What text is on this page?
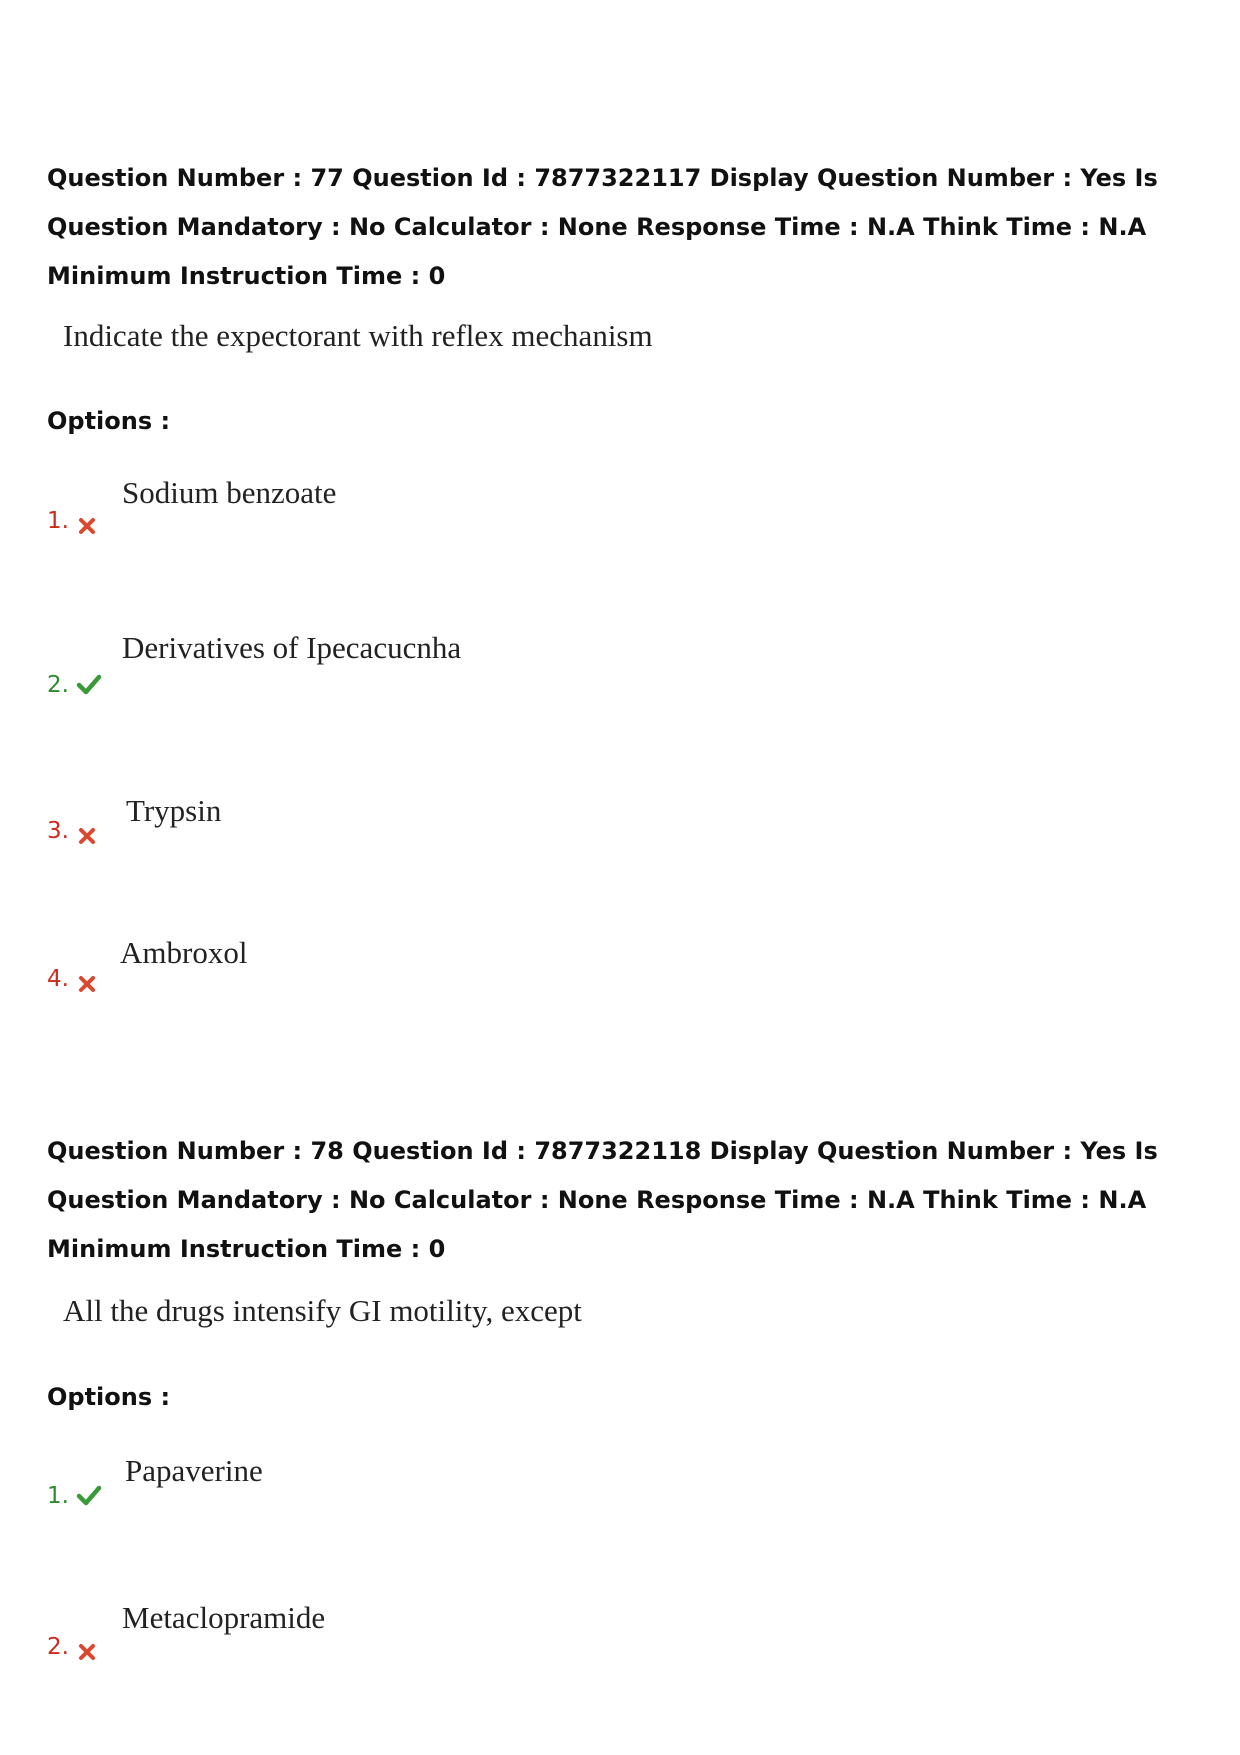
Question Number : 77 Question Id : 7877322117 Display Question Number : Yes Is Question Mandatory : No Calculator : None Response Time : N.A Think Time : N.A Minimum Instruction Time : 0

Indicate the expectorant with reflex mechanism

Options :

1.
Sodium benzoate
2.
Derivatives of Ipecacucnha
3.
Trypsin
4.
Ambroxol

Question Number : 78 Question Id : 7877322118 Display Question Number : Yes Is Question Mandatory : No Calculator : None Response Time : N.A Think Time : N.A Minimum Instruction Time : 0

All the drugs intensify GI motility, except

Options :

1.
Papaverine
2.
Metaclopramide
